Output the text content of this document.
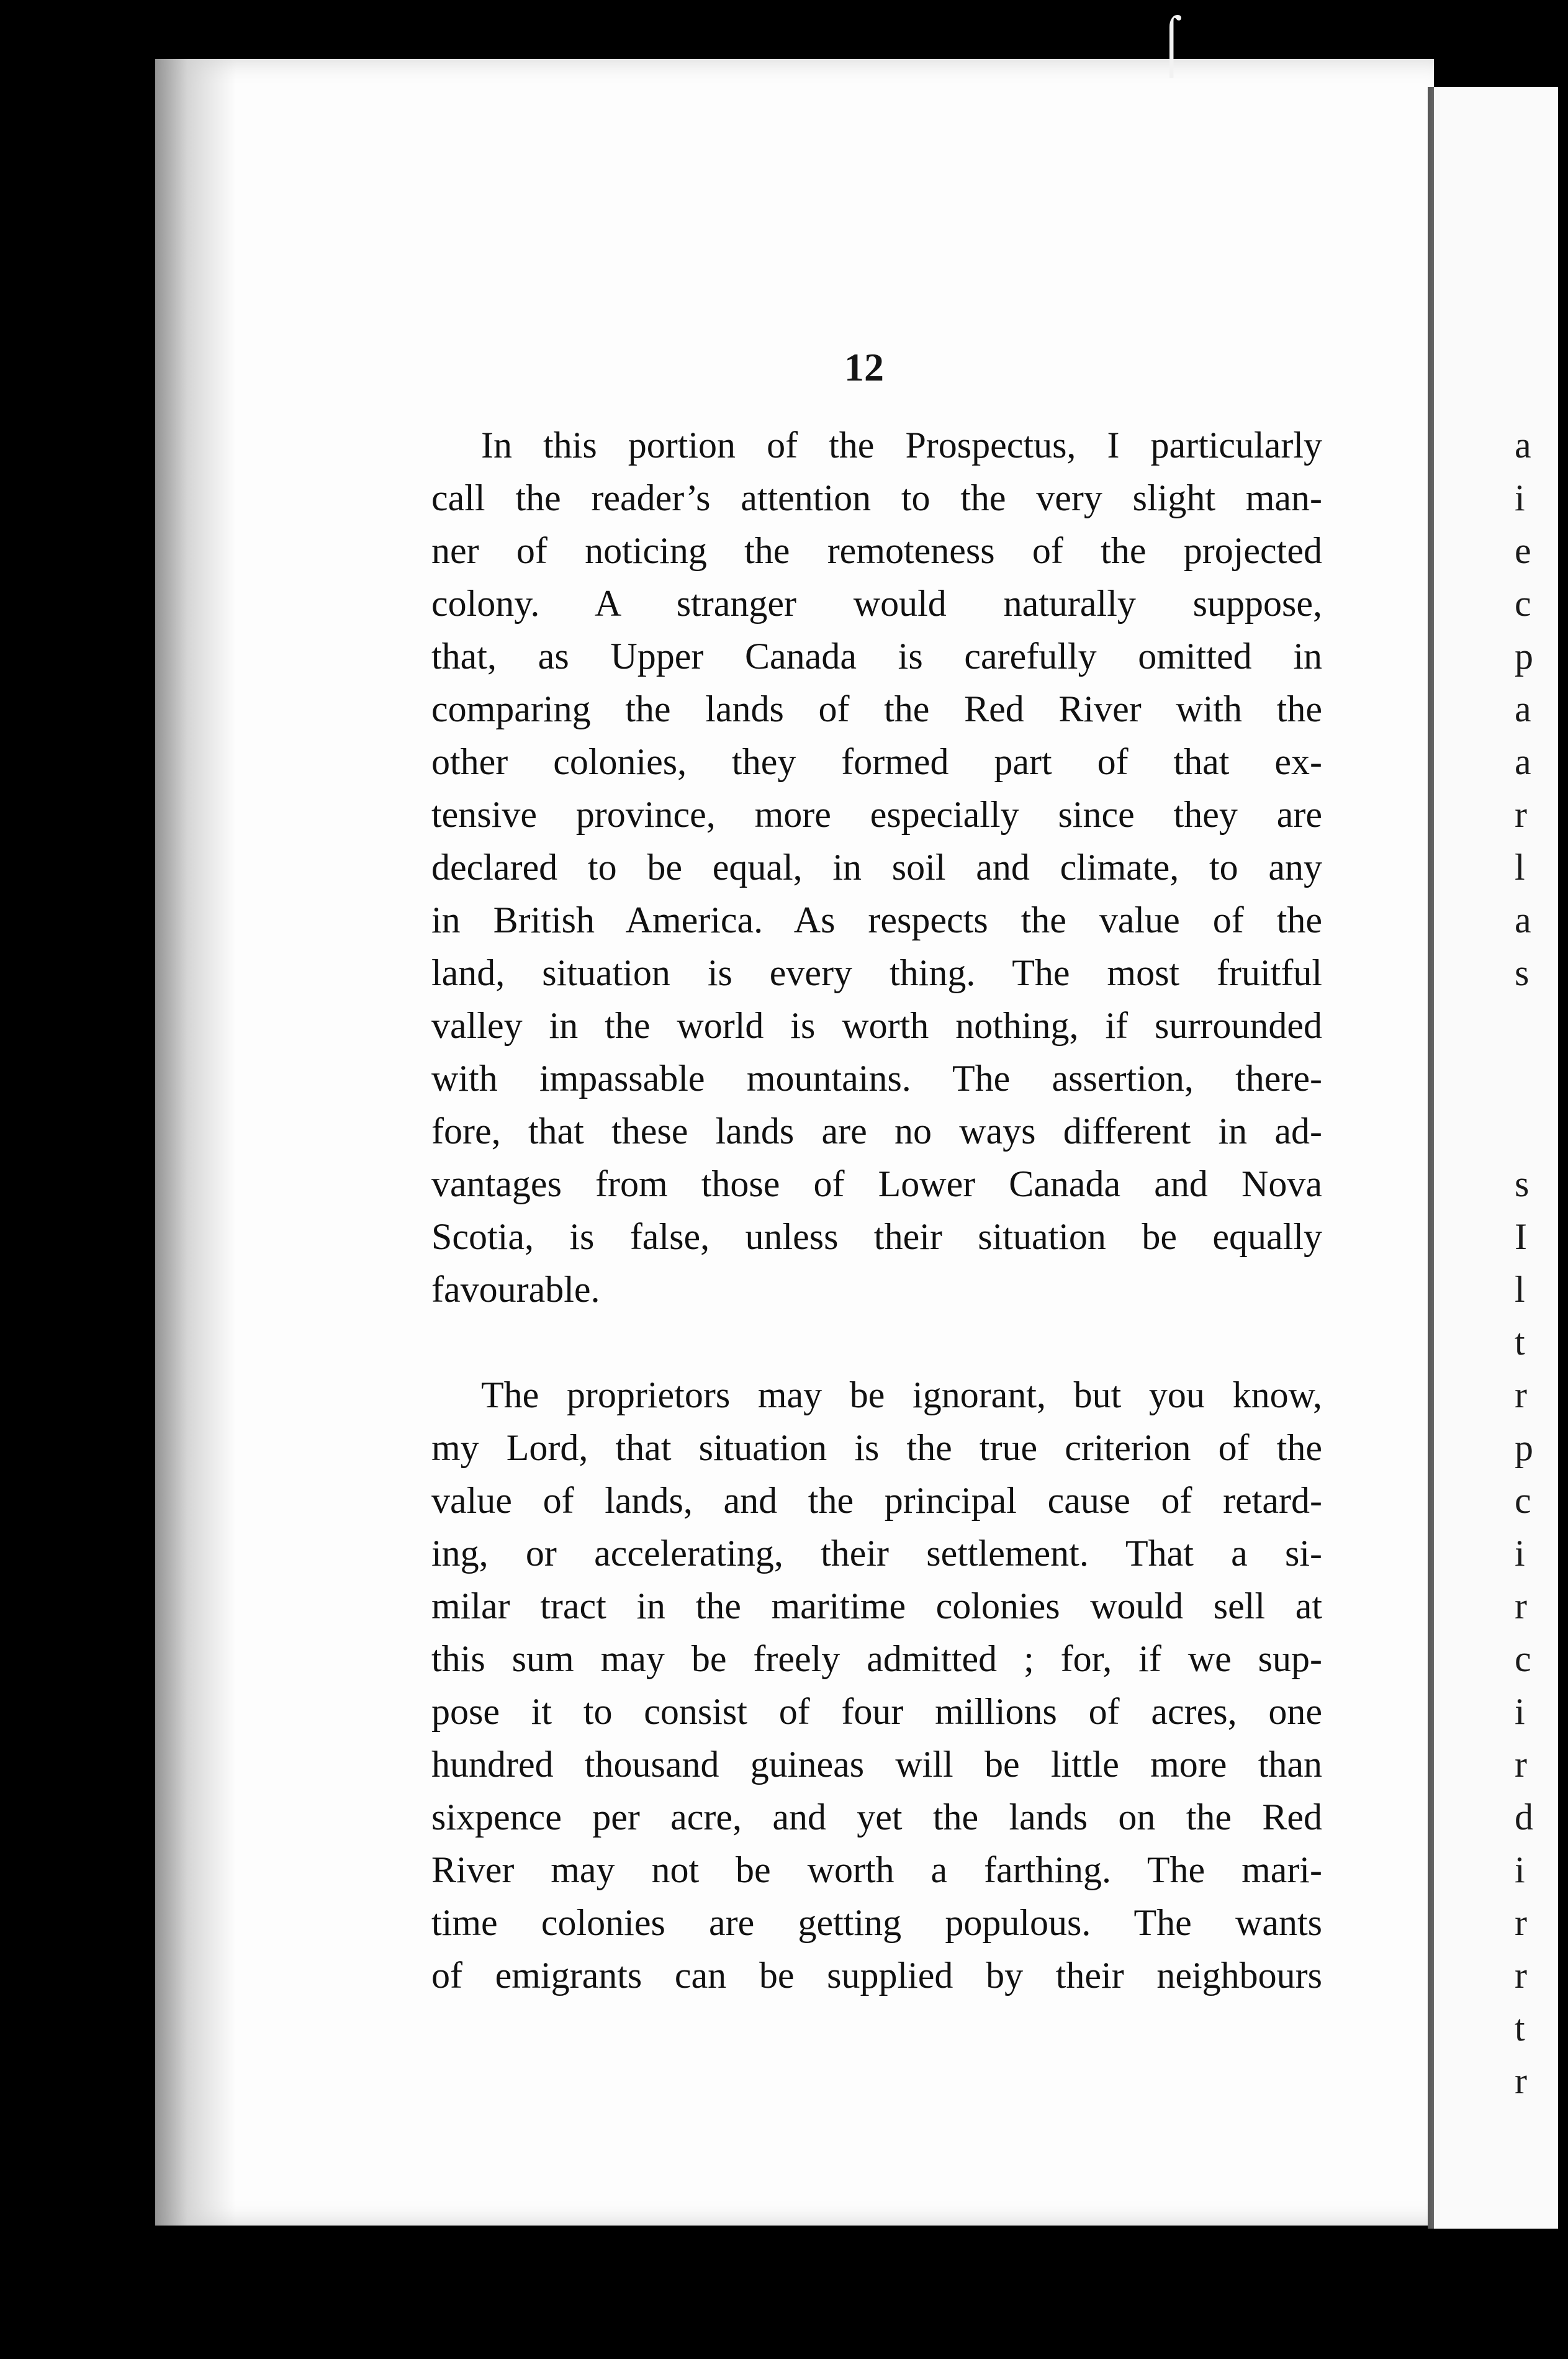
⌠
12
In this portion of the Prospectus, I particularly
call the reader’s attention to the very slight man-
ner of noticing the remoteness of the projected
colony. A stranger would naturally suppose,
that, as Upper Canada is carefully omitted in
comparing the lands of the Red River with the
other colonies, they formed part of that ex-
tensive province, more especially since they are
declared to be equal, in soil and climate, to any
in British America. As respects the value of the
land, situation is every thing. The most fruitful
valley in the world is worth nothing, if surrounded
with impassable mountains. The assertion, there-
fore, that these lands are no ways different in ad-
vantages from those of Lower Canada and Nova
Scotia, is false, unless their situation be equally
favourable.
The proprietors may be ignorant, but you know,
my Lord, that situation is the true criterion of the
value of lands, and the principal cause of retard-
ing, or accelerating, their settlement. That a si-
milar tract in the maritime colonies would sell at
this sum may be freely admitted ; for, if we sup-
pose it to consist of four millions of acres, one
hundred thousand guineas will be little more than
sixpence per acre, and yet the lands on the Red
River may not be worth a farthing. The mari-
time colonies are getting populous. The wants
of emigrants can be supplied by their neighbours
a
i
e
c
p
a
a
r
l
a
s
s
I
l
t
r
p
c
i
r
c
i
r
d
i
r
r
t
r
